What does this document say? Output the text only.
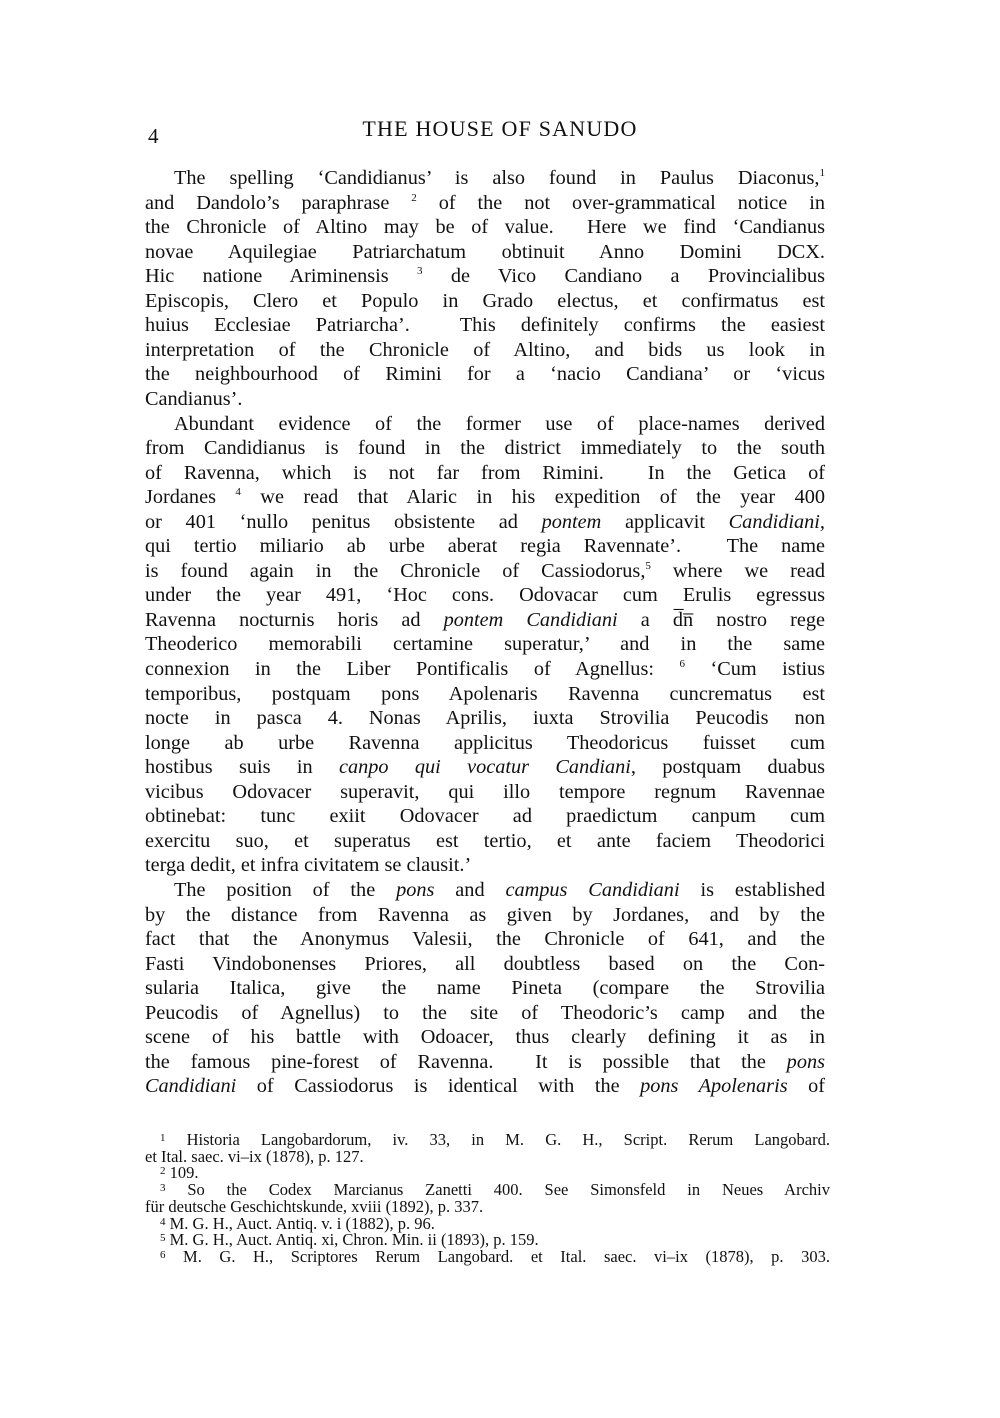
4	THE HOUSE OF SANUDO
The spelling ‘Candidianus’ is also found in Paulus Diaconus,$^1$
and Dandolo’s paraphrase $^2$ of the not over-grammatical notice in
the Chronicle of Altino may be of value.  Here we find ‘Candianus
novae Aquilegiae Patriarchatum obtinuit Anno Domini DCX.
Hic natione Ariminensis $^3$ de Vico Candiano a Provincialibus
Episcopis, Clero et Populo in Grado electus, et confirmatus est
huius Ecclesiae Patriarcha’.  This definitely confirms the easiest
interpretation of the Chronicle of Altino, and bids us look in
the neighbourhood of Rimini for a ‘nacio Candiana’ or ‘vicus
Candianus’.
Abundant evidence of the former use of place-names derived
from Candidianus is found in the district immediately to the south
of Ravenna, which is not far from Rimini.  In the Getica of
Jordanes $^4$ we read that Alaric in his expedition of the year 400
or 401 ‘nullo penitus obsistente ad pontem applicavit Candidiani,
qui tertio miliario ab urbe aberat regia Ravennate’.  The name
is found again in the Chronicle of Cassiodorus,$^5$ where we read
under the year 491, ‘Hoc cons. Odovacar cum Erulis egressus
Ravenna nocturnis horis ad pontem Candidiani a d̅n̅ nostro rege
Theoderico memorabili certamine superatur,’ and in the same
connexion in the Liber Pontificalis of Agnellus: $^6$ ‘Cum istius
temporibus, postquam pons Apolenaris Ravenna cuncrematus est
nocte in pasca 4. Nonas Aprilis, iuxta Strovilia Peucodis non
longe ab urbe Ravenna applicitus Theodoricus fuisset cum
hostibus suis in canpo qui vocatur Candiani, postquam duabus
vicibus Odovacer superavit, qui illo tempore regnum Ravennae
obtinebat: tunc exiit Odovacer ad praedictum canpum cum
exercitu suo, et superatus est tertio, et ante faciem Theodorici
terga dedit, et infra civitatem se clausit.’
The position of the pons and campus Candidiani is established
by the distance from Ravenna as given by Jordanes, and by the
fact that the Anonymus Valesii, the Chronicle of 641, and the
Fasti Vindobonenses Priores, all doubtless based on the Con-
sularia Italica, give the name Pineta (compare the Strovilia
Peucodis of Agnellus) to the site of Theodoric’s camp and the
scene of his battle with Odoacer, thus clearly defining it as in
the famous pine-forest of Ravenna.  It is possible that the pons
Candidiani of Cassiodorus is identical with the pons Apolenaris of
$^1$ Historia Langobardorum, iv. 33, in M. G. H., Script. Rerum Langobard.
et Ital. saec. vi–ix (1878), p. 127.
$^2$ 109.
$^3$ So the Codex Marcianus Zanetti 400. See Simonsfeld in Neues Archiv
für deutsche Geschichtskunde, xviii (1892), p. 337.
$^4$ M. G. H., Auct. Antiq. v. i (1882), p. 96.
$^5$ M. G. H., Auct. Antiq. xi, Chron. Min. ii (1893), p. 159.
$^6$ M. G. H., Scriptores Rerum Langobard. et Ital. saec. vi–ix (1878), p. 303.
